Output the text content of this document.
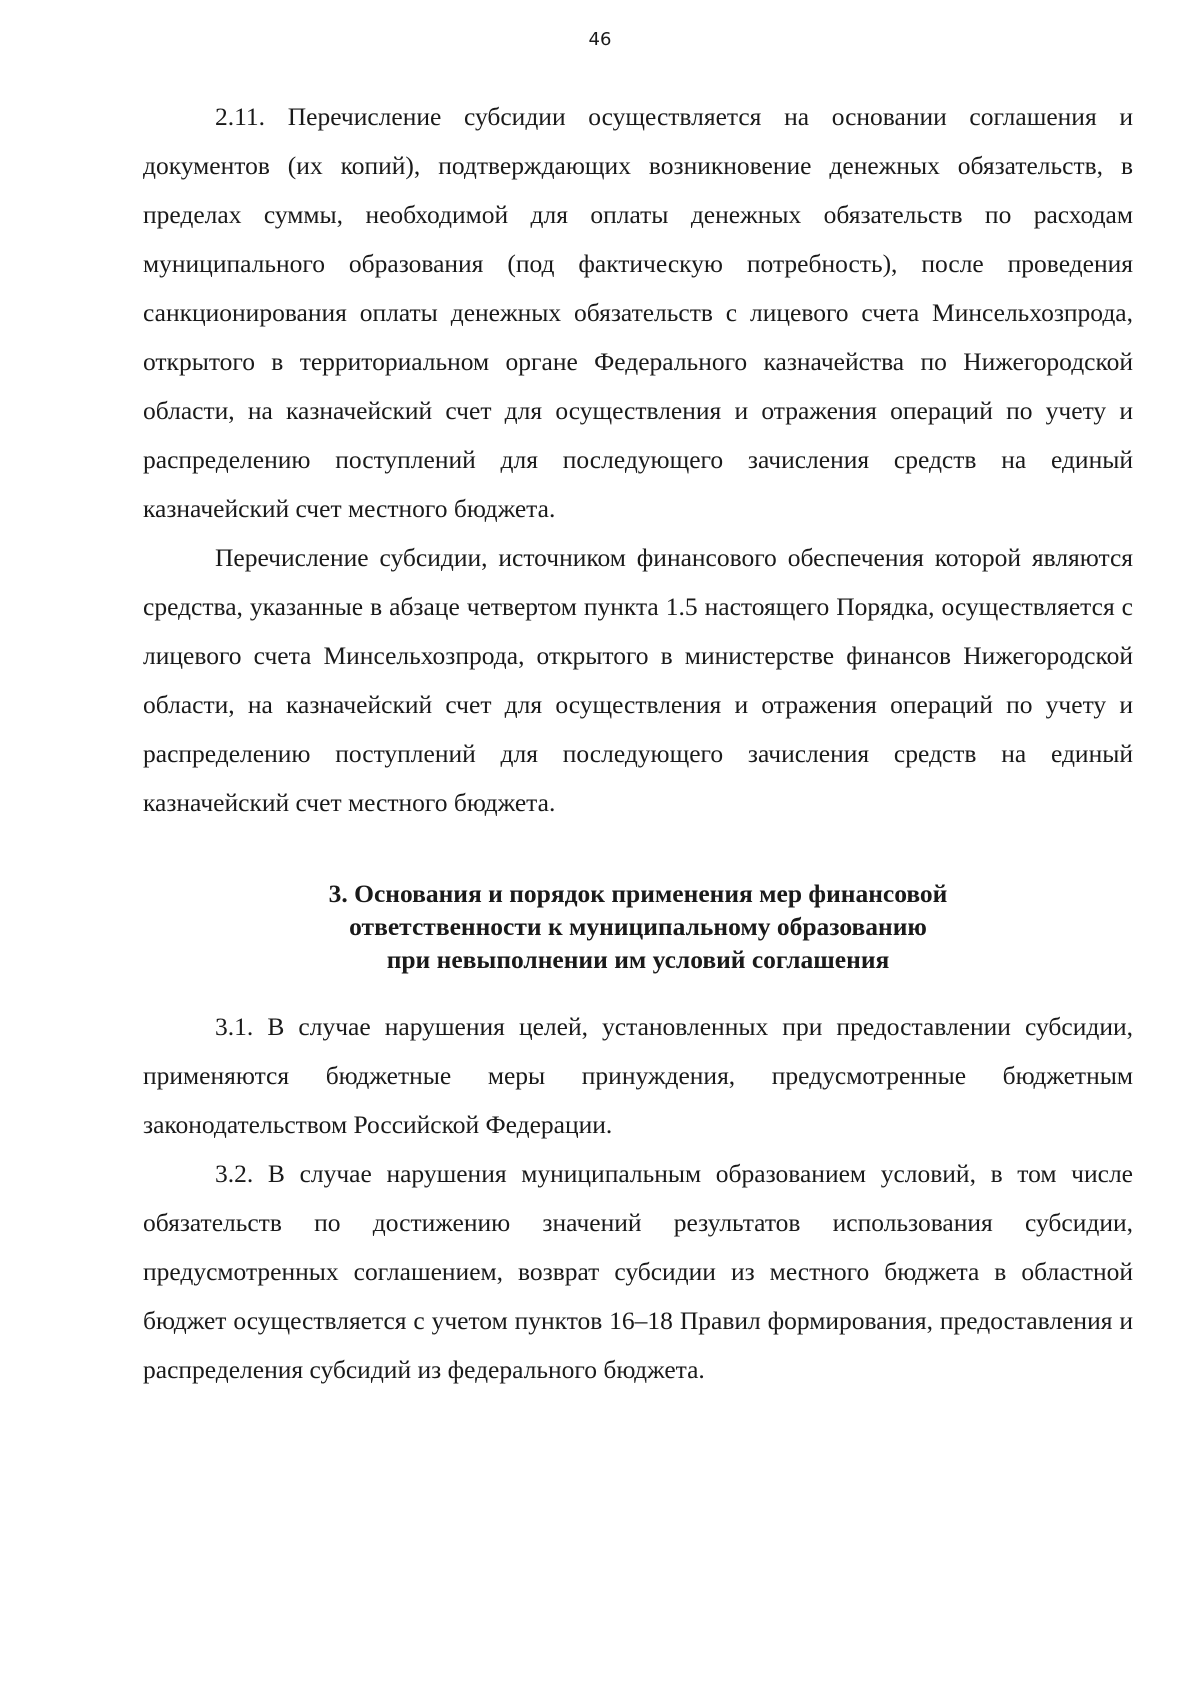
46

2.11. Перечисление субсидии осуществляется на основании соглашения и документов (их копий), подтверждающих возникновение денежных обязательств, в пределах суммы, необходимой для оплаты денежных обязательств по расходам муниципального образования (под фактическую потребность), после проведения санкционирования оплаты денежных обязательств с лицевого счета Минсельхозпрода, открытого в территориальном органе Федерального казначейства по Нижегородской области, на казначейский счет для осуществления и отражения операций по учету и распределению поступлений для последующего зачисления средств на единый казначейский счет местного бюджета.

Перечисление субсидии, источником финансового обеспечения которой являются средства, указанные в абзаце четвертом пункта 1.5 настоящего Порядка, осуществляется с лицевого счета Минсельхозпрода, открытого в министерстве финансов Нижегородской области, на казначейский счет для осуществления и отражения операций по учету и распределению поступлений для последующего зачисления средств на единый казначейский счет местного бюджета.

3. Основания и порядок применения мер финансовой
ответственности к муниципальному образованию
при невыполнении им условий соглашения

3.1. В случае нарушения целей, установленных при предоставлении субсидии, применяются бюджетные меры принуждения, предусмотренные бюджетным законодательством Российской Федерации.

3.2. В случае нарушения муниципальным образованием условий, в том числе обязательств по достижению значений результатов использования субсидии, предусмотренных соглашением, возврат субсидии из местного бюджета в областной бюджет осуществляется с учетом пунктов 16–18 Правил формирования, предоставления и распределения субсидий из федерального бюджета.
